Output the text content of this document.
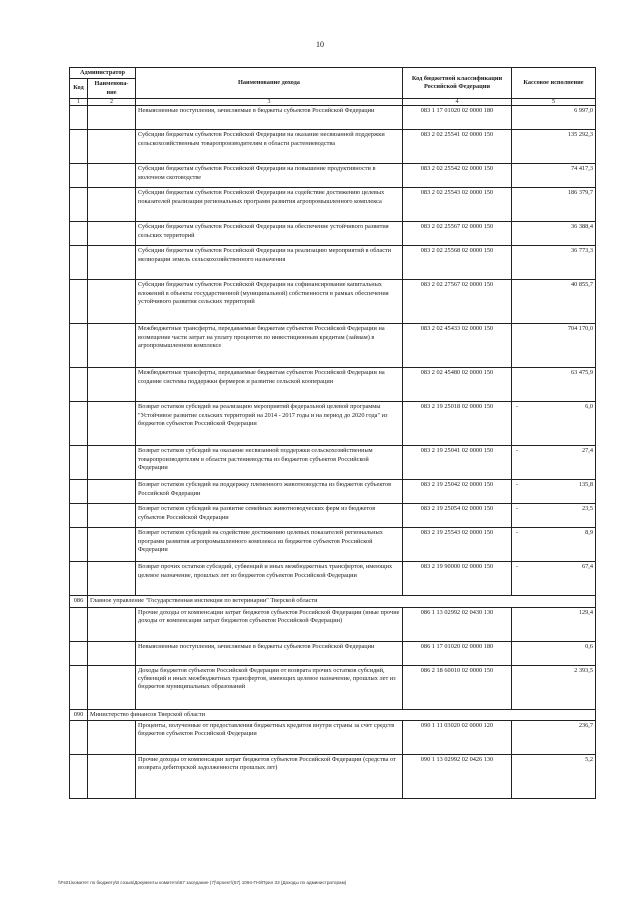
10
Администратор		Наименование дохода	Код бюджетной классификации Российской Федерации	Кассовое исполнение
Код	Наименова-ние			
1	2	3	4	5
		Невыясненные поступления, зачисляемые в бюджеты субъектов Российской Федерации	083 1 17 01020 02 0000 180	6 997,0
		Субсидии бюджетам субъектов Российской Федерации на оказание несвязанной поддержки сельскохозяйственным товаропроизводителям в области растениеводства	083 2 02 25541 02 0000 150	135 292,3
		Субсидии бюджетам субъектов Российской Федерации на повышение продуктивности в молочном скотоводстве	083 2 02 25542 02 0000 150	74 417,3
		Субсидии бюджетам субъектов Российской Федерации на содействие достижению целевых показателей реализации региональных программ развития агропромышленного комплекса	083 2 02 25543 02 0000 150	186 379,7
		Субсидии бюджетам субъектов Российской Федерации на обеспечение устойчивого развития сельских территорий	083 2 02 25567 02 0000 150	36 388,4
		Субсидии бюджетам субъектов Российской Федерации на реализацию мероприятий в области мелиорации земель сельскохозяйственного назначения	083 2 02 25568 02 0000 150	36 773,3
		Субсидии бюджетам субъектов Российской Федерации на софинансирование капитальных вложений в объекты государственной (муниципальной) собственности в рамках обеспечения устойчивого развития сельских территорий	083 2 02 27567 02 0000 150	40 855,7
		Межбюджетные трансферты, передаваемые бюджетам субъектов Российской Федерации на возмещение части затрат на уплату процентов по инвестиционным кредитам (займам) в агропромышленном комплексе	083 2 02 45433 02 0000 150	704 170,0
		Межбюджетные трансферты, передаваемые бюджетам субъектов Российской Федерации на создание системы поддержки фермеров и развитие сельской кооперации	083 2 02 45480 02 0000 150	63 475,9
		Возврат остатков субсидий на реализацию мероприятий федеральной целевой программы "Устойчивое развитие сельских территорий на 2014 - 2017 годы и на период до 2020 года" из бюджетов субъектов Российской Федерации	083 2 19 25018 02 0000 150	- 6,0
		Возврат остатков субсидий на оказание несвязанной поддержки сельскохозяйственным товаропроизводителям в области растениеводства из бюджетов субъектов Российской Федерации	083 2 19 25041 02 0000 150	- 27,4
		Возврат остатков субсидий на поддержку племенного животноводства из бюджетов субъектов Российской Федерации	083 2 19 25042 02 0000 150	- 135,8
		Возврат остатков субсидий на развитие семейных животноводческих ферм из бюджетов субъектов Российской Федерации	083 2 19 25054 02 0000 150	- 23,5
		Возврат остатков субсидий на содействие достижению целевых показателей региональных программ развития агропромышленного комплекса из бюджетов субъектов Российской Федерации	083 2 19 25543 02 0000 150	- 8,9
		Возврат прочих остатков субсидий, субвенций и иных межбюджетных трансфертов, имеющих целевое назначение, прошлых лет из бюджетов субъектов Российской Федерации	083 2 19 90000 02 0000 150	- 67,4
086	Главное управление "Государственная инспекция по ветеринарии" Тверской области			
		Прочие доходы от компенсации затрат бюджетов субъектов Российской Федерации (иные прочие доходы от компенсации затрат бюджетов субъектов Российской Федерации)	086 1 13 02992 02 0430 130	129,4
		Невыясненные поступления, зачисляемые в бюджеты субъектов Российской Федерации	086 1 17 01020 02 0000 180	0,6
		Доходы бюджетов субъектов Российской Федерации от возврата прочих остатков субсидий, субвенций и иных межбюджетных трансфертов, имеющих целевое назначение, прошлых лет из бюджетов муниципальных образований	086 2 18 60010 02 0000 150	2 393,5
090	Министерство финансов Тверской области			
		Проценты, полученные от предоставления бюджетных кредитов внутри страны за счет средств бюджетов субъектов Российской Федерации	090 1 11 03020 02 0000 120	236,7
		Прочие доходы от компенсации затрат бюджетов субъектов Российской Федерации (средства от возврата дебиторской задолженности прошлых лет)	090 1 13 02992 02 0426 130	5,2
\\Fs01\комитет по бюджету\8 созыв\Документы комитета\57 заседание (7)\проект\(57) 1094-П-6\Прил 33 (Доходы по администраторам)
